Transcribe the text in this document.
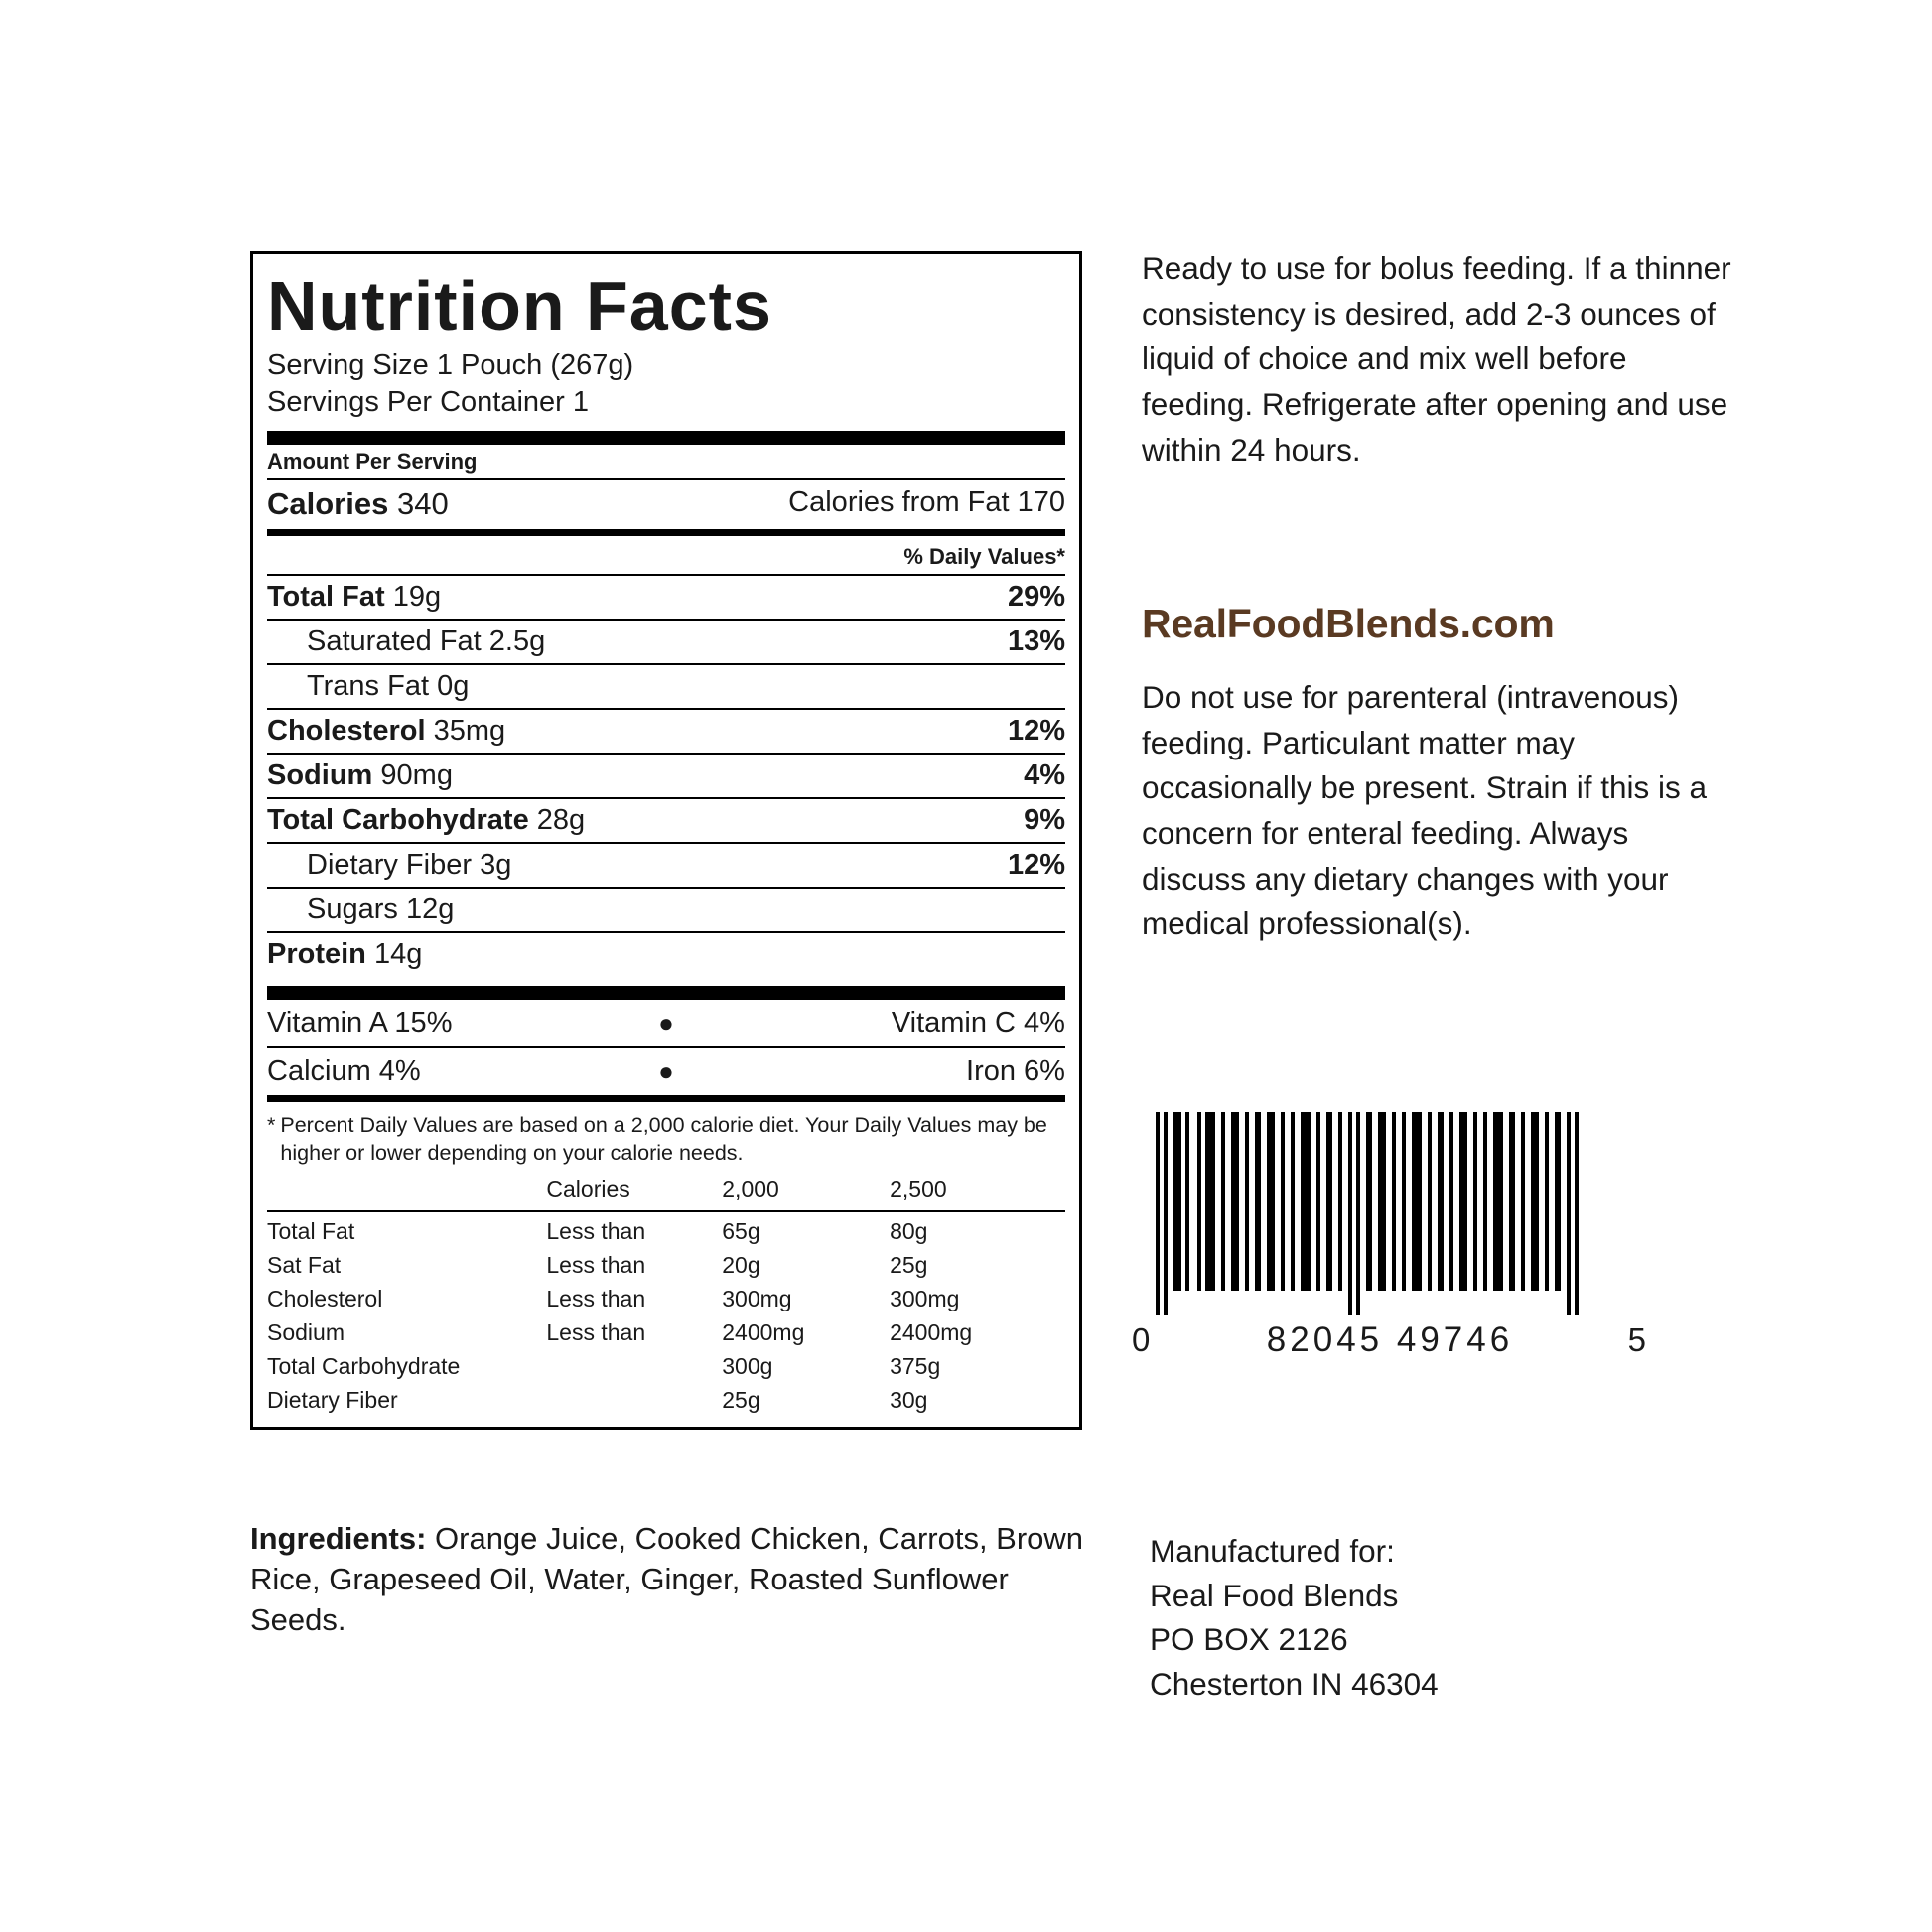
Nutrition Facts
Serving Size 1 Pouch (267g)
Servings Per Container 1
Amount Per Serving
Calories 340	Calories from Fat 170
% Daily Values*
Total Fat 19g	29%
Saturated Fat 2.5g	13%
Trans Fat 0g
Cholesterol 35mg	12%
Sodium 90mg	4%
Total Carbohydrate 28g	9%
Dietary Fiber 3g	12%
Sugars 12g
Protein 14g
Vitamin A 15%	●	Vitamin C 4%
Calcium 4%	●	Iron 6%
* Percent Daily Values are based on a 2,000 calorie diet. Your Daily Values may be higher or lower depending on your calorie needs.
	Calories	2,000	2,500
Total Fat	Less than	65g	80g
Sat Fat	Less than	20g	25g
Cholesterol	Less than	300mg	300mg
Sodium	Less than	2400mg	2400mg
Total Carbohydrate		300g	375g
Dietary Fiber		25g	30g
Ingredients: Orange Juice, Cooked Chicken, Carrots, Brown Rice, Grapeseed Oil, Water, Ginger, Roasted Sunflower Seeds.
Ready to use for bolus feeding. If a thinner consistency is desired, add 2-3 ounces of liquid of choice and mix well before feeding. Refrigerate after opening and use within 24 hours.
RealFoodBlends.com
Do not use for parenteral (intravenous) feeding. Particulant matter may occasionally be present. Strain if this is a concern for enteral feeding. Always discuss any dietary changes with your medical professional(s).
0	82045 49746	5
Manufactured for:
Real Food Blends
PO BOX 2126
Chesterton IN 46304
